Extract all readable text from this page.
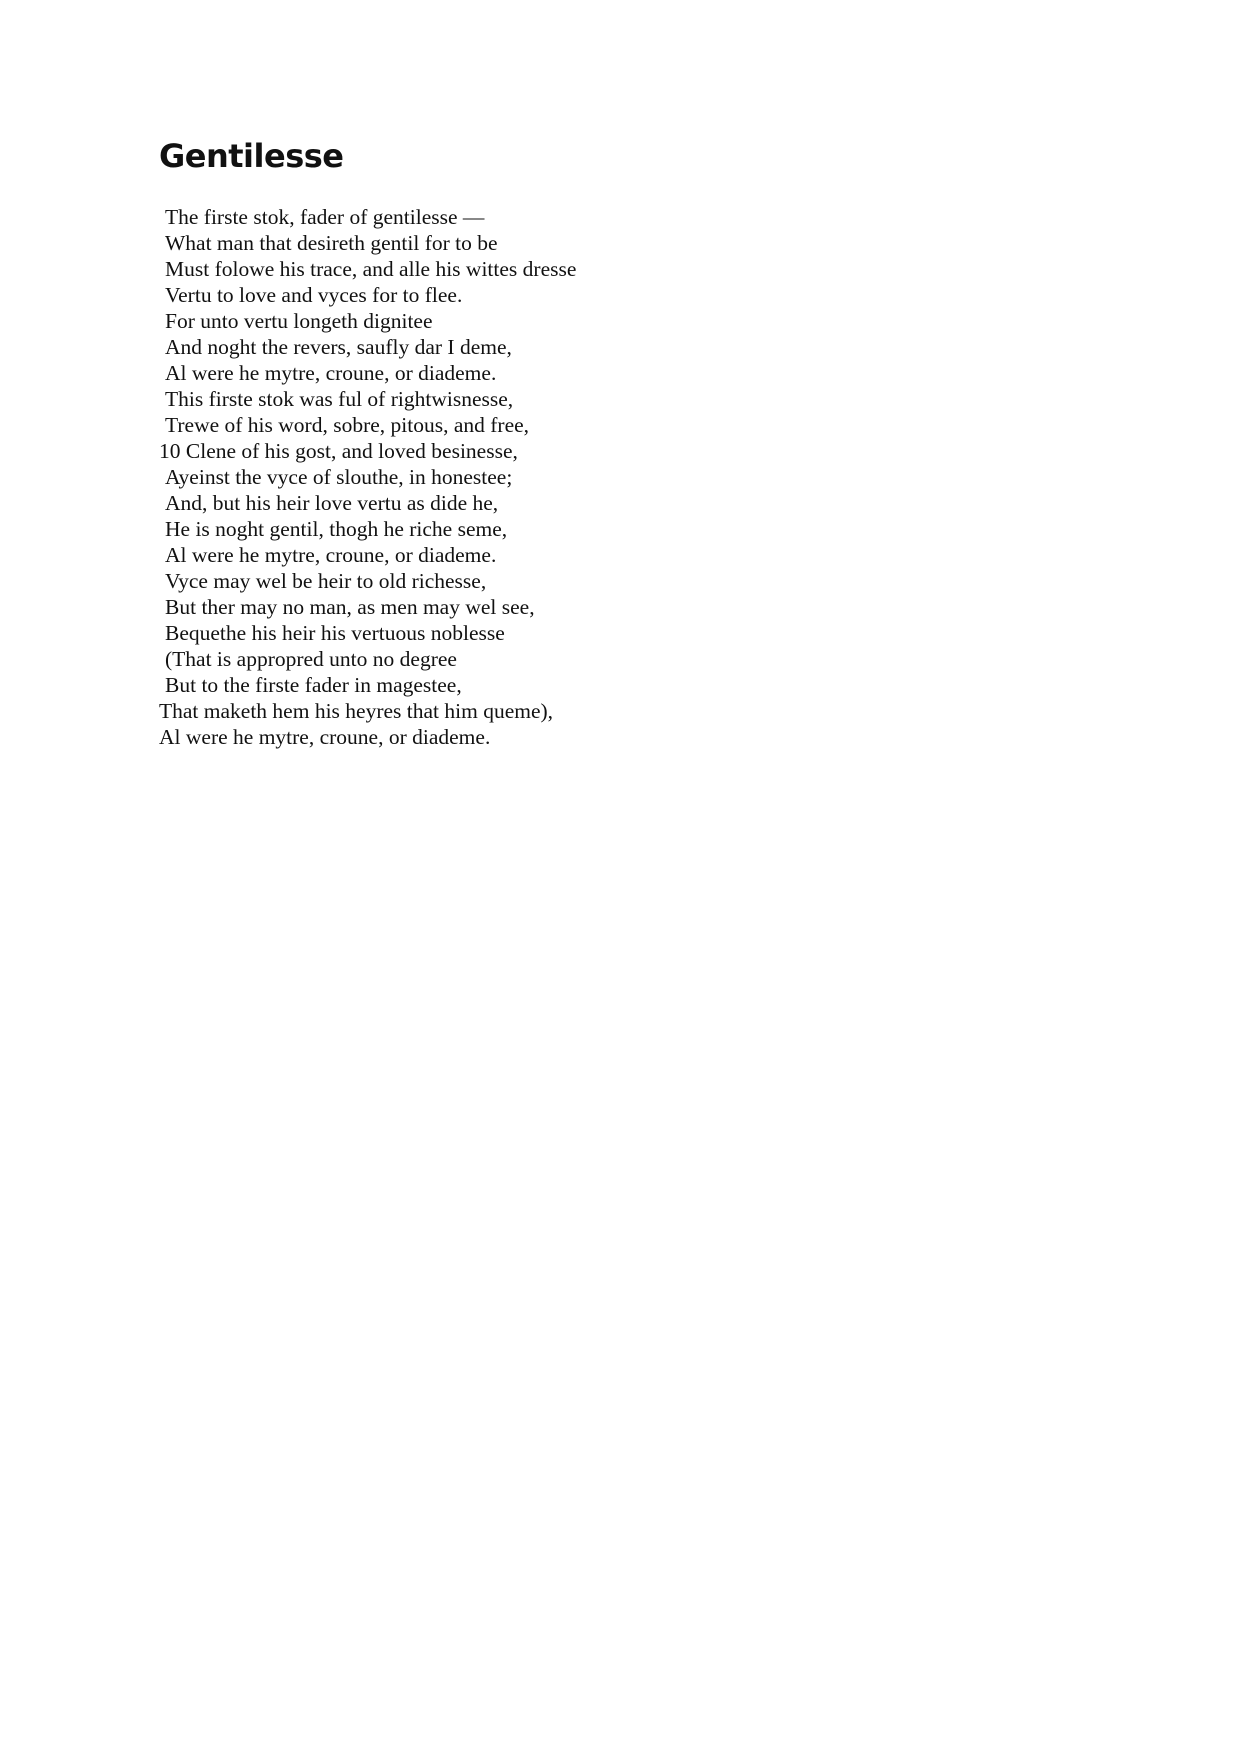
Gentilesse
The firste stok, fader of gentilesse —
What man that desireth gentil for to be
Must folowe his trace, and alle his wittes dresse
Vertu to love and vyces for to flee.
For unto vertu longeth dignitee
And noght the revers, saufly dar I deme,
Al were he mytre, croune, or diademe.
This firste stok was ful of rightwisnesse,
Trewe of his word, sobre, pitous, and free,
10 Clene of his gost, and loved besinesse,
Ayeinst the vyce of slouthe, in honestee;
And, but his heir love vertu as dide he,
He is noght gentil, thogh he riche seme,
Al were he mytre, croune, or diademe.
Vyce may wel be heir to old richesse,
But ther may no man, as men may wel see,
Bequethe his heir his vertuous noblesse
(That is appropred unto no degree
But to the firste fader in magestee,
That maketh hem his heyres that him queme),
Al were he mytre, croune, or diademe.
